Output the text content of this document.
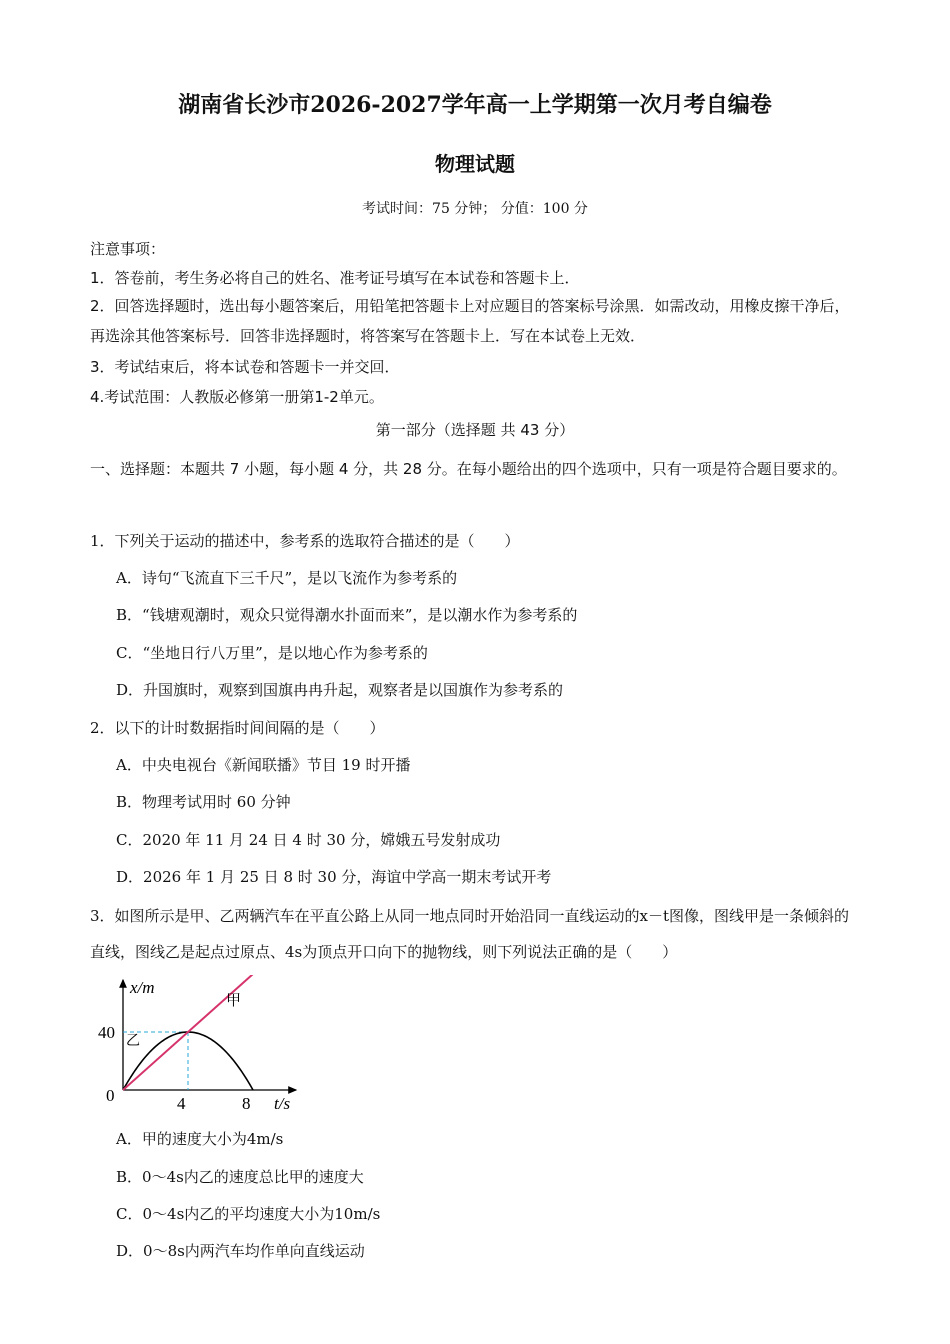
湖南省长沙市2026-2027学年高一上学期第一次月考自编卷
物理试题
考试时间：75 分钟； 分值：100 分
注意事项：
1．答卷前，考生务必将自己的姓名、准考证号填写在本试卷和答题卡上．
2．回答选择题时，选出每小题答案后，用铅笔把答题卡上对应题目的答案标号涂黑．如需改动，用橡皮擦干净后，再选涂其他答案标号．回答非选择题时，将答案写在答题卡上．写在本试卷上无效．
3．考试结束后，将本试卷和答题卡一并交回．
4.考试范围：人教版必修第一册第1-2单元。
第一部分（选择题 共 43 分）
一、选择题：本题共 7 小题，每小题 4 分，共 28 分。在每小题给出的四个选项中，只有一项是符合题目要求的。
1．下列关于运动的描述中，参考系的选取符合描述的是（　　）
A．诗句“飞流直下三千尺”，是以飞流作为参考系的
B．“钱塘观潮时，观众只觉得潮水扑面而来”，是以潮水作为参考系的
C．“坐地日行八万里”，是以地心作为参考系的
D．升国旗时，观察到国旗冉冉升起，观察者是以国旗作为参考系的
2．以下的计时数据指时间间隔的是（　　）
A．中央电视台《新闻联播》节目 19 时开播
B．物理考试用时 60 分钟
C．2020 年 11 月 24 日 4 时 30 分，嫦娥五号发射成功
D．2026 年 1 月 25 日 8 时 30 分，海谊中学高一期末考试开考
3．如图所示是甲、乙两辆汽车在平直公路上从同一地点同时开始沿同一直线运动的x－t图像，图线甲是一条倾斜的直线，图线乙是起点过原点、4s为顶点开口向下的抛物线，则下列说法正确的是（　　）
x/m
t/s
0
40
4	8
甲
乙
A．甲的速度大小为4m/s
B．0～4s内乙的速度总比甲的速度大
C．0～4s内乙的平均速度大小为10m/s
D．0～8s内两汽车均作单向直线运动
